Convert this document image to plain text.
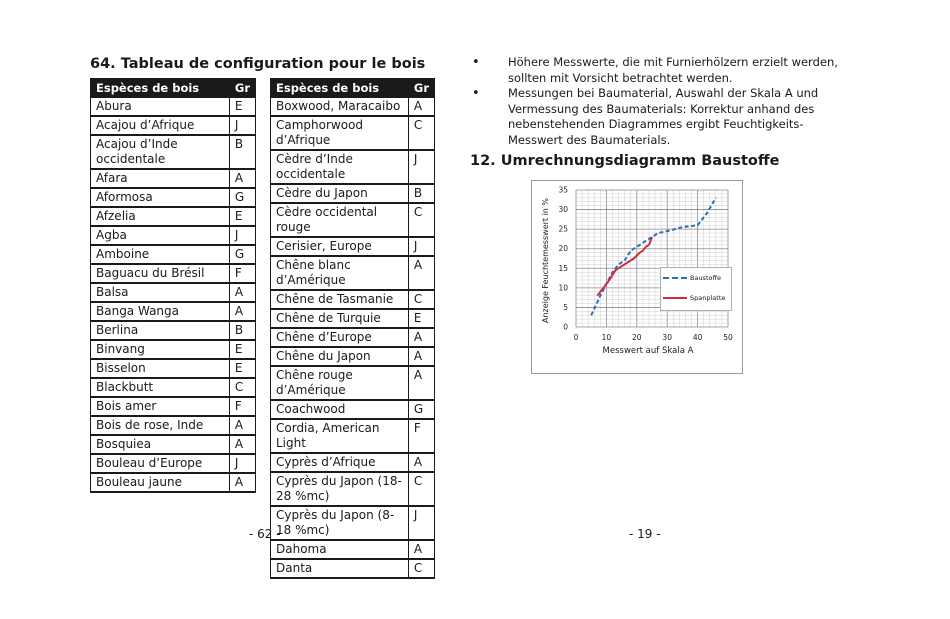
64. Tableau de configuration pour le bois
Espèces de bois	Gr
Abura	E
Acajou d’Afrique	J
Acajou d’Inde occidentale	B
Afara	A
Aformosa	G
Afzelia	E
Agba	J
Amboine	G
Baguacu du Brésil	F
Balsa	A
Banga Wanga	A
Berlina	B
Binvang	E
Bisselon	E
Blackbutt	C
Bois amer	F
Bois de rose, Inde	A
Bosquiea	A
Bouleau d’Europe	J
Bouleau jaune	A
Espèces de bois	Gr
Boxwood, Maracaibo	A
Camphorwood d’Afrique	C
Cèdre d’Inde occidentale	J
Cèdre du Japon	B
Cèdre occidental rouge	C
Cerisier, Europe	J
Chêne blanc d’Amérique	A
Chêne de Tasmanie	C
Chêne de Turquie	E
Chêne d’Europe	A
Chêne du Japon	A
Chêne rouge d’Amérique	A
Coachwood	G
Cordia, American Light	F
Cyprès d’Afrique	A
Cyprès du Japon (18-28 %mc)	C
Cyprès du Japon (8-18 %mc)	J
Dahoma	A
Danta	C
- 62 -
• Höhere Messwerte, die mit Furnierhölzern erzielt werden, sollten mit Vorsicht betrachtet werden.
• Messungen bei Baumaterial, Auswahl der Skala A und Vermessung des Baumaterials: Korrektur anhand des nebenstehenden Diagrammes ergibt Feuchtigkeits-Messwert des Baumaterials.
12. Umrechnungsdiagramm Baustoffe
0	10	20	30	40	50
0
5
10
15
20
25
30
35
Messwert auf Skala A
Anzeige Feuchtemesswert in %	Baustoffe
Spanplatte
- 19 -
